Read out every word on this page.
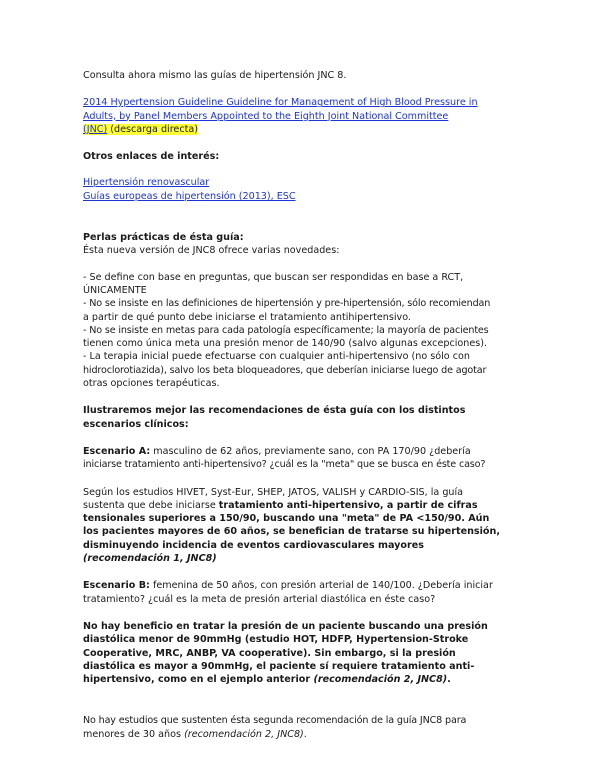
Consulta ahora mismo las guías de hipertensión JNC 8.

2014 Hypertension Guideline Guideline for Management of High Blood Pressure in
Adults, by Panel Members Appointed to the Eighth Joint National Committee
(JNC) (descarga directa)

Otros enlaces de interés:

Hipertensión renovascular
Guías europeas de hipertensión (2013), ESC

Perlas prácticas de ésta guía:

Ésta nueva versión de JNC8 ofrece varias novedades:

- Se define con base en preguntas, que buscan ser respondidas en base a RCT,
ÚNICAMENTE
- No se insiste en las definiciones de hipertensión y pre-hipertensión, sólo recomiendan
a partir de qué punto debe iniciarse el tratamiento antihipertensivo.
- No se insiste en metas para cada patología específicamente; la mayoría de pacientes
tienen como única meta una presión menor de 140/90 (salvo algunas excepciones).
- La terapia inicial puede efectuarse con cualquier anti-hipertensivo (no sólo con
hidroclorotiazida), salvo los beta bloqueadores, que deberían iniciarse luego de agotar
otras opciones terapéuticas.

Ilustraremos mejor las recomendaciones de ésta guía con los distintos
escenarios clínicos:

Escenario A: masculino de 62 años, previamente sano, con PA 170/90 ¿debería
iniciarse tratamiento anti-hipertensivo? ¿cuál es la "meta" que se busca en éste caso?

Según los estudios HIVET, Syst-Eur, SHEP, JATOS, VALISH y CARDIO-SIS, la guía
sustenta que debe iniciarse tratamiento anti-hipertensivo, a partir de cifras
tensionales superiores a 150/90, buscando una "meta" de PA <150/90. Aún
los pacientes mayores de 60 años, se benefician de tratarse su hipertensión,
disminuyendo incidencia de eventos cardiovasculares mayores
(recomendación 1, JNC8)

Escenario B: femenina de 50 años, con presión arterial de 140/100. ¿Debería iniciar
tratamiento? ¿cuál es la meta de presión arterial diastólica en éste caso?

No hay beneficio en tratar la presión de un paciente buscando una presión
diastólica menor de 90mmHg (estudio HOT, HDFP, Hypertension-Stroke
Cooperative, MRC, ANBP, VA cooperative). Sin embargo, si la presión
diastólica es mayor a 90mmHg, el paciente sí requiere tratamiento anti-
hipertensivo, como en el ejemplo anterior (recomendación 2, JNC8).

No hay estudios que sustenten ésta segunda recomendación de la guía JNC8 para
menores de 30 años (recomendación 2, JNC8).
